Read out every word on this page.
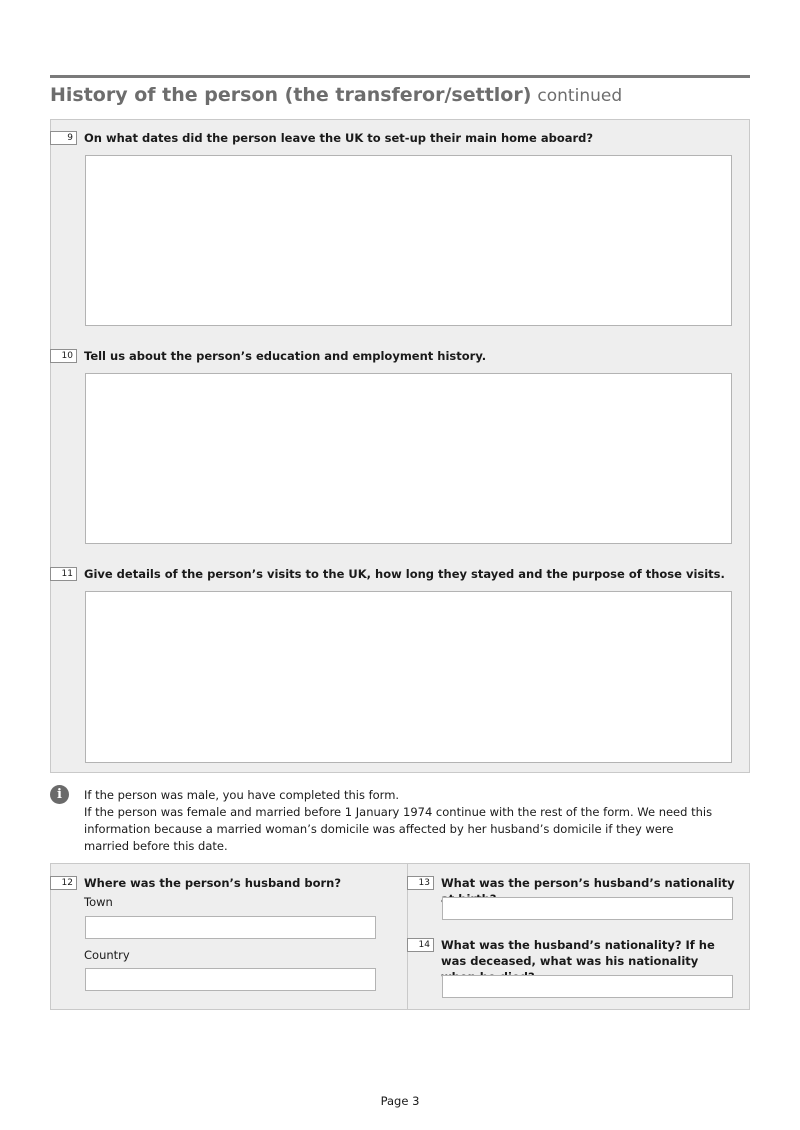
History of the person (the transferor/settlor) continued
9 On what dates did the person leave the UK to set-up their main home aboard?
10 Tell us about the person’s education and employment history.
11 Give details of the person’s visits to the UK, how long they stayed and the purpose of those visits.
i	If the person was male, you have completed this form.

If the person was female and married before 1 January 1974 continue with the rest of the form. We need this information because a married woman’s domicile was affected by her husband’s domicile if they were married before this date.

12 Where was the person’s husband born?
Town
Country
13 What was the person’s husband’s nationality
14 What was the husband’s nationality? If he was deceased, what was his nationality
Page 3
